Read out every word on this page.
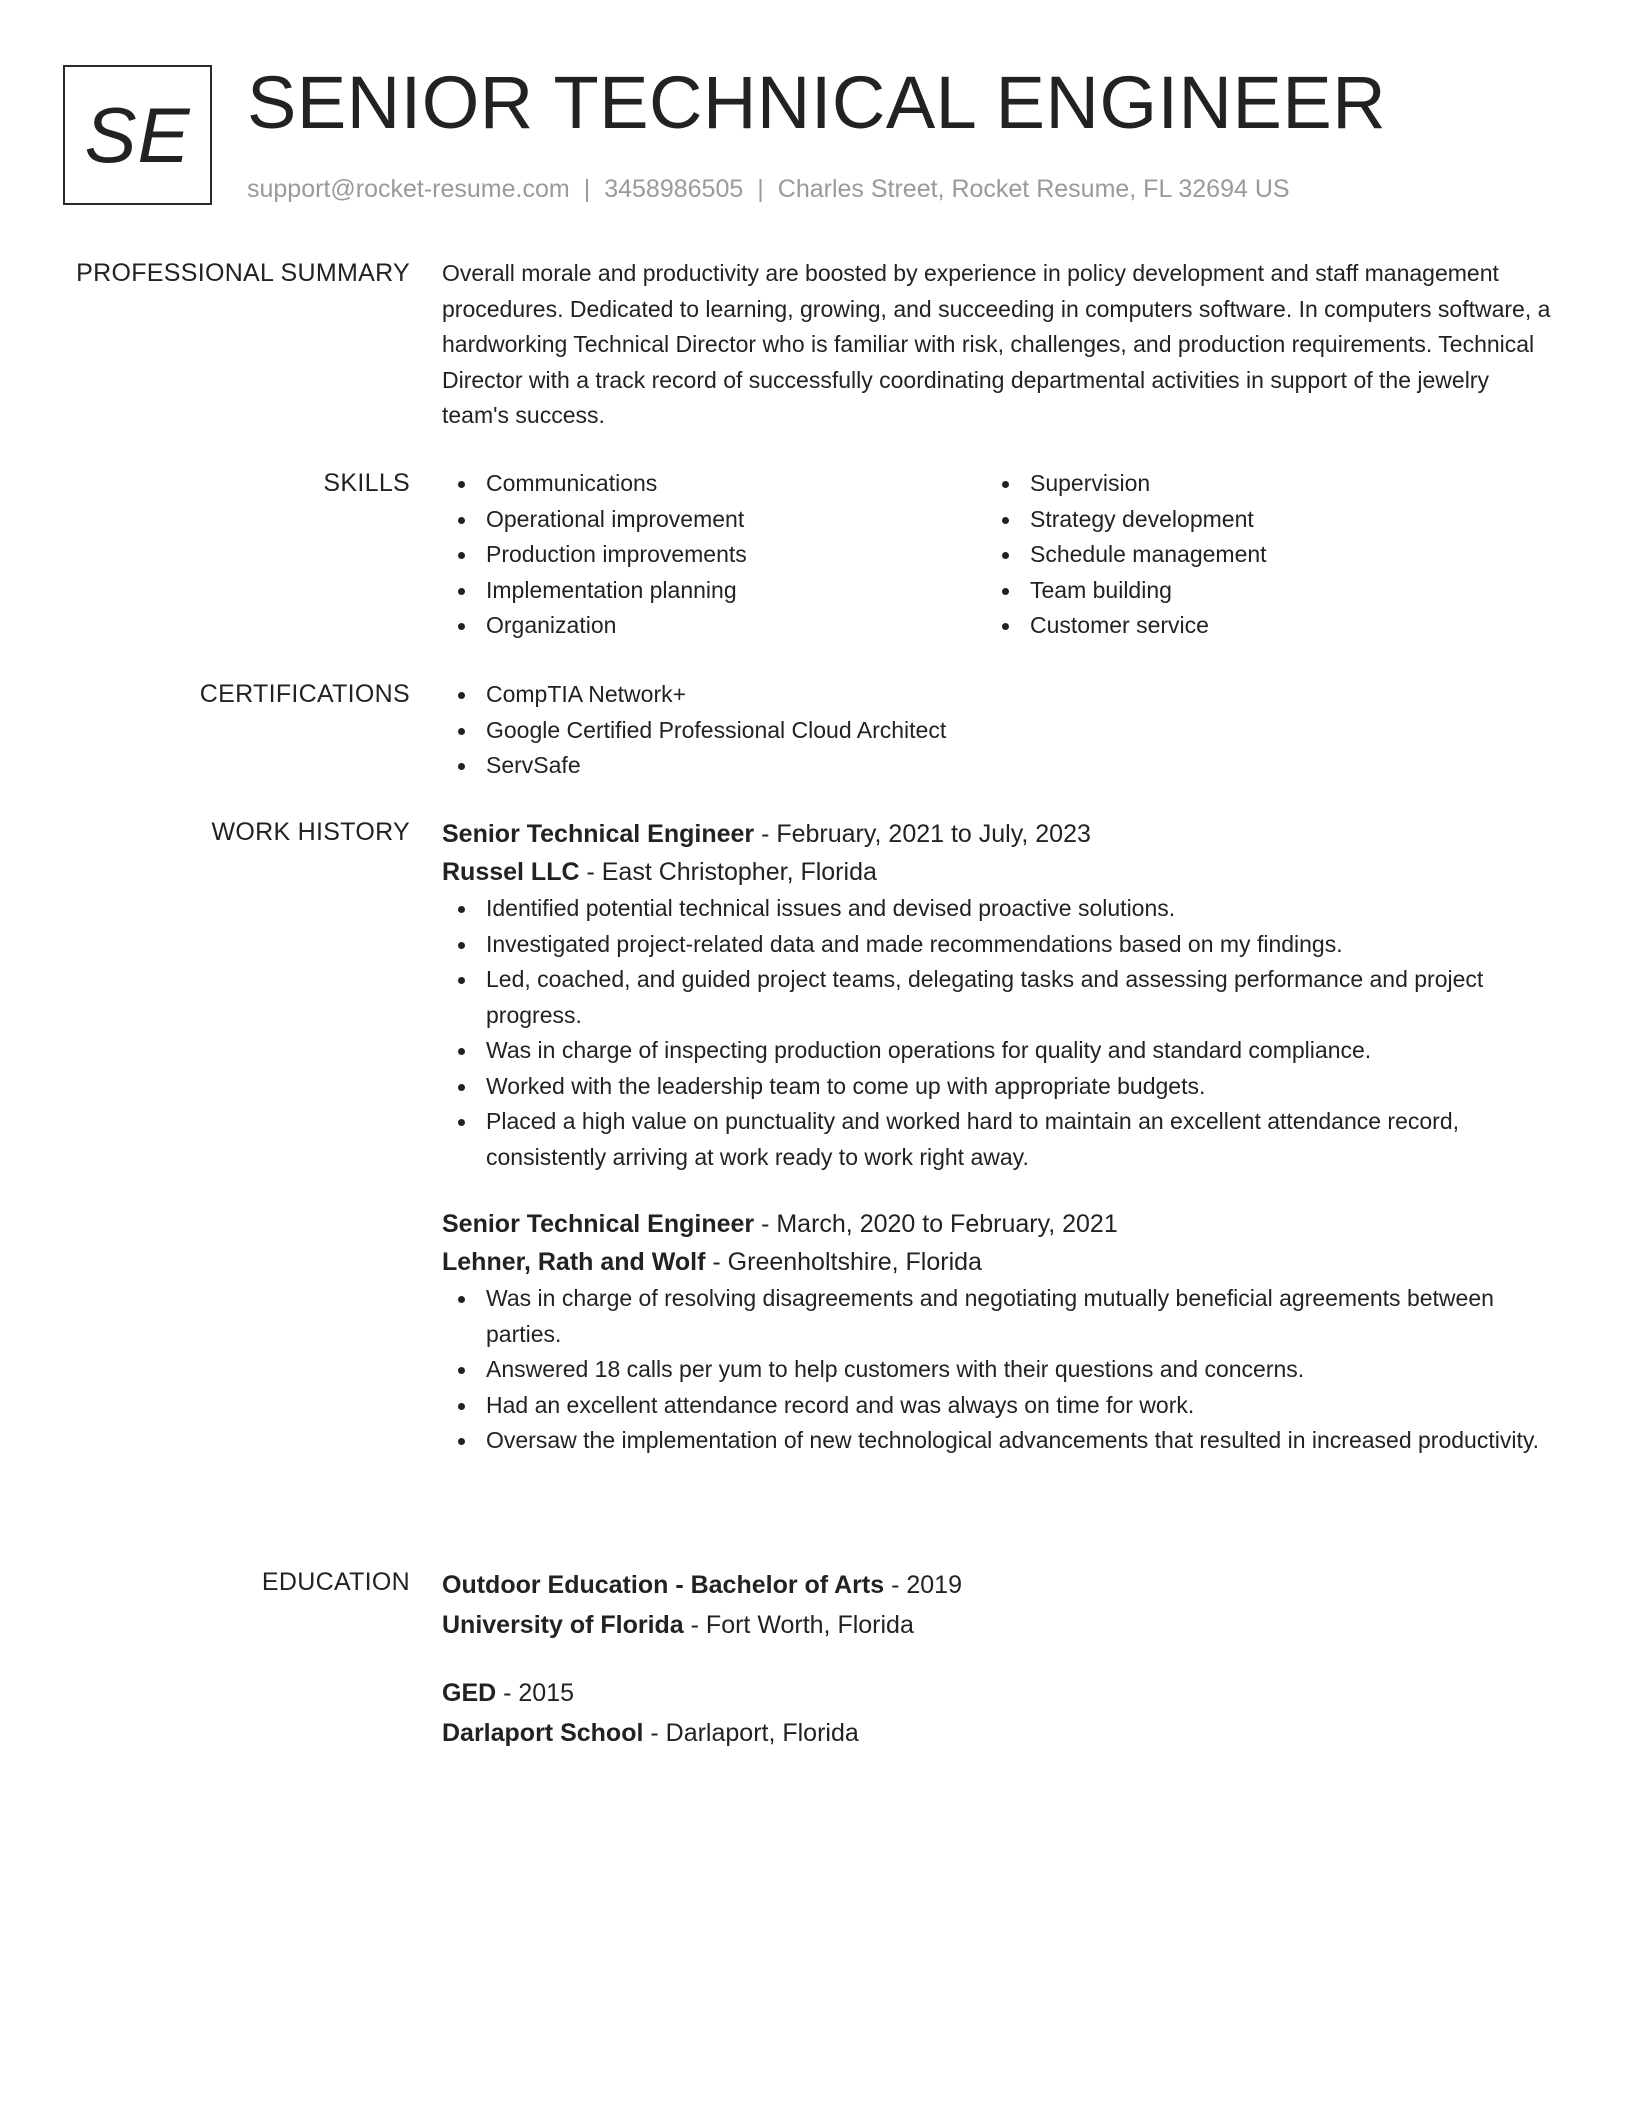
SE SENIOR TECHNICAL ENGINEER
support@rocket-resume.com | 3458986505 | Charles Street, Rocket Resume, FL 32694 US
PROFESSIONAL SUMMARY Overall morale and productivity are boosted by experience in policy development and staff management procedures. Dedicated to learning, growing, and succeeding in computers software. In computers software, a hardworking Technical Director who is familiar with risk, challenges, and production requirements. Technical Director with a track record of successfully coordinating departmental activities in support of the jewelry team's success.

SKILLS	Communications
Operational improvement
Production improvements
Implementation planning
Organization
Supervision
Strategy development
Schedule management
Team building
Customer service
CERTIFICATIONS	CompTIA Network+
Google Certified Professional Cloud Architect
ServSafe
WORK HISTORY Senior Technical Engineer - February, 2021 to July, 2023
Russel LLC - East Christopher, Florida
Identified potential technical issues and devised proactive solutions.
Investigated project-related data and made recommendations based on my findings.
Led, coached, and guided project teams, delegating tasks and assessing performance and project progress.
Was in charge of inspecting production operations for quality and standard compliance.
Worked with the leadership team to come up with appropriate budgets.
Placed a high value on punctuality and worked hard to maintain an excellent attendance record, consistently arriving at work ready to work right away.
Senior Technical Engineer - March, 2020 to February, 2021
Lehner, Rath and Wolf - Greenholtshire, Florida
Was in charge of resolving disagreements and negotiating mutually beneficial agreements between parties.
Answered 18 calls per yum to help customers with their questions and concerns.
Had an excellent attendance record and was always on time for work.
Oversaw the implementation of new technological advancements that resulted in increased productivity.
EDUCATION Outdoor Education - Bachelor of Arts - 2019
University of Florida - Fort Worth, Florida
GED - 2015
Darlaport School - Darlaport, Florida
